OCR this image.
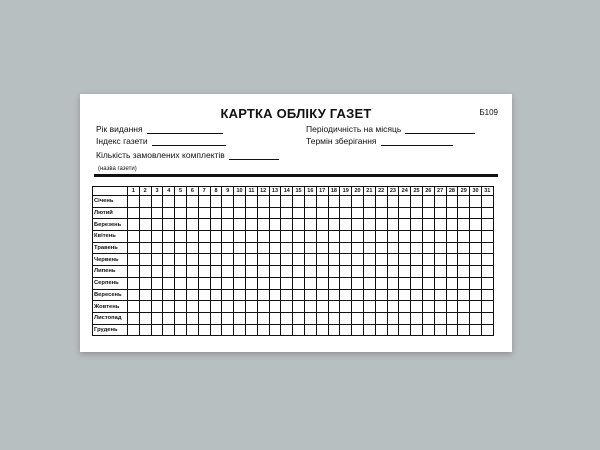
КАРТКА ОБЛІКУ ГАЗЕТ	Б109
Рік видання
Індекс газети
Кількість замовлених комплектів
Періодичність на місяць
Термін зберігання
(назва газети)
	1	2	3	4	5	6	7	8	9	10	11	12	13	14	15	16	17	18	19	20	21	22	23	24	25	26	27	28	29	30	31
Січень																															
Лютий																															
Березень																															
Квітень																															
Травень																															
Червень																															
Липень																															
Серпень																															
Вересень																															
Жовтень																															
Листопад																															
Грудень																															
